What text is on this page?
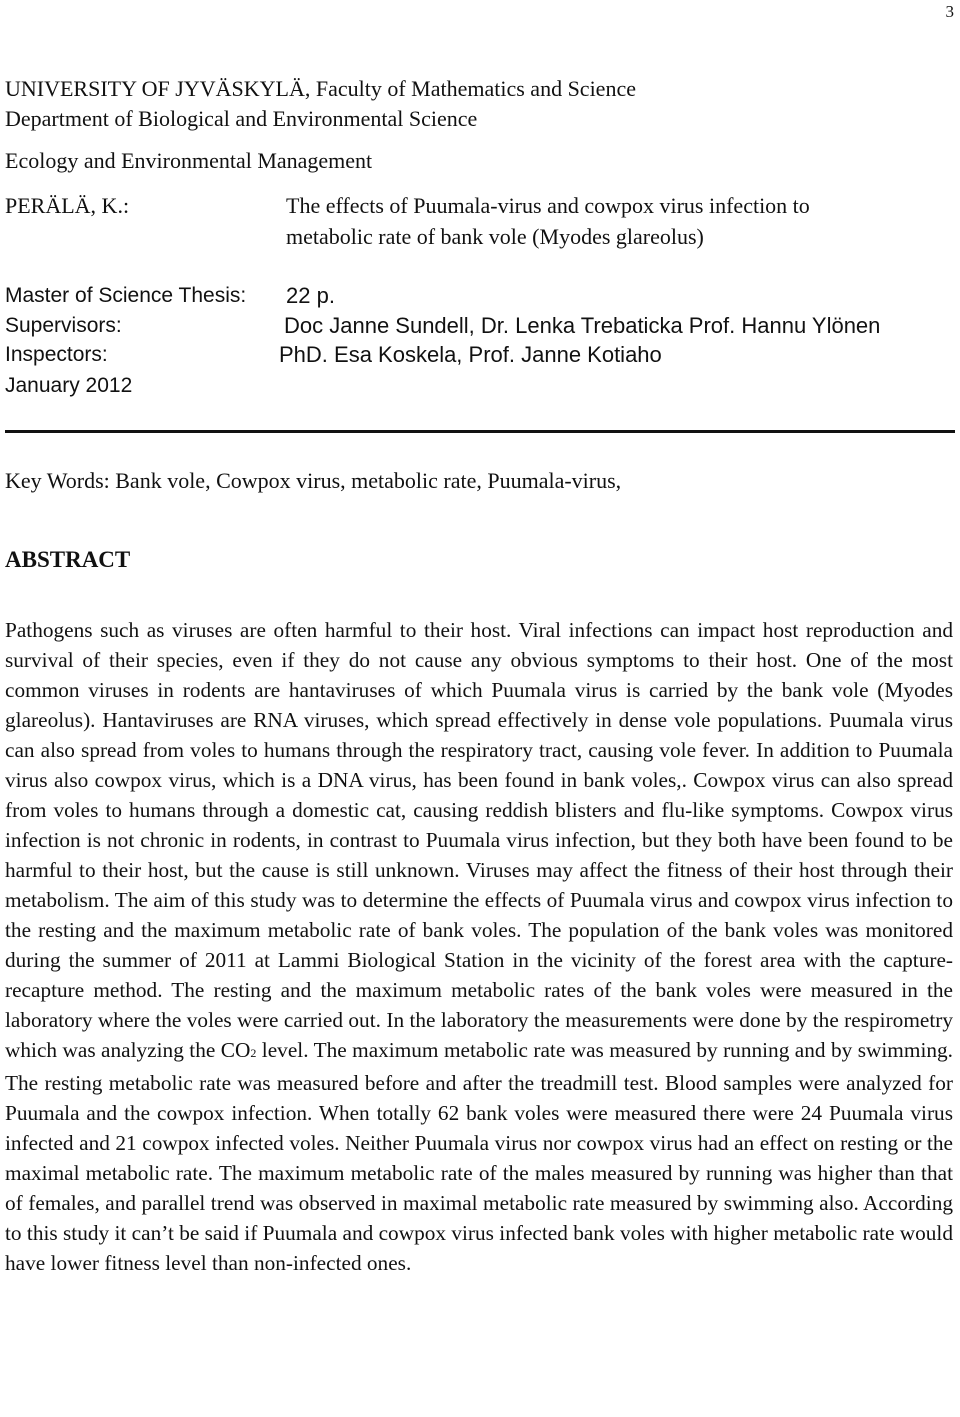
3
UNIVERSITY OF JYVÄSKYLÄ, Faculty of Mathematics and Science
Department of Biological and Environmental Science
Ecology and Environmental Management
PERÄLÄ, K.:	The effects of Puumala-virus and cowpox virus infection to
metabolic rate of bank vole (Myodes glareolus)
Master of Science Thesis: 22 p.
Supervisors:	Doc Janne Sundell, Dr. Lenka Trebaticka Prof. Hannu Ylönen
Inspectors:	PhD. Esa Koskela, Prof. Janne Kotiaho
January 2012
Key Words: Bank vole, Cowpox virus, metabolic rate, Puumala-virus,
ABSTRACT

Pathogens such as viruses are often harmful to their host. Viral infections can impact host reproduction and survival of their species, even if they do not cause any obvious symptoms to their host. One of the most common viruses in rodents are hantaviruses of which Puumala virus is carried by the bank vole (Myodes glareolus). Hantaviruses are RNA viruses, which spread effectively in dense vole populations. Puumala virus can also spread from voles to humans through the respiratory tract, causing vole fever. In addition to Puumala virus also cowpox virus, which is a DNA virus, has been found in bank voles,. Cowpox virus can also spread from voles to humans through a domestic cat, causing reddish blisters and flu-like symptoms. Cowpox virus infection is not chronic in rodents, in contrast to Puumala virus infection, but they both have been found to be harmful to their host, but the cause is still unknown. Viruses may affect the fitness of their host through their metabolism. The aim of this study was to determine the effects of Puumala virus and cowpox virus infection to the resting and the maximum metabolic rate of bank voles. The population of the bank voles was monitored during the summer of 2011 at Lammi Biological Station in the vicinity of the forest area with the capture-recapture method. The resting and the maximum metabolic rates of the bank voles were measured in the laboratory where the voles were carried out. In the laboratory the measurements were done by the respirometry which was analyzing the CO2 level. The maximum metabolic rate was measured by running and by swimming. The resting metabolic rate was measured before and after the treadmill test. Blood samples were analyzed for Puumala and the cowpox infection. When totally 62 bank voles were measured there were 24 Puumala virus infected and 21 cowpox infected voles. Neither Puumala virus nor cowpox virus had an effect on resting or the maximal metabolic rate. The maximum metabolic rate of the males measured by running was higher than that of females, and parallel trend was observed in maximal metabolic rate measured by swimming also. According to this study it can’t be said if Puumala and cowpox virus infected bank voles with higher metabolic rate would have lower fitness level than non-infected ones.
